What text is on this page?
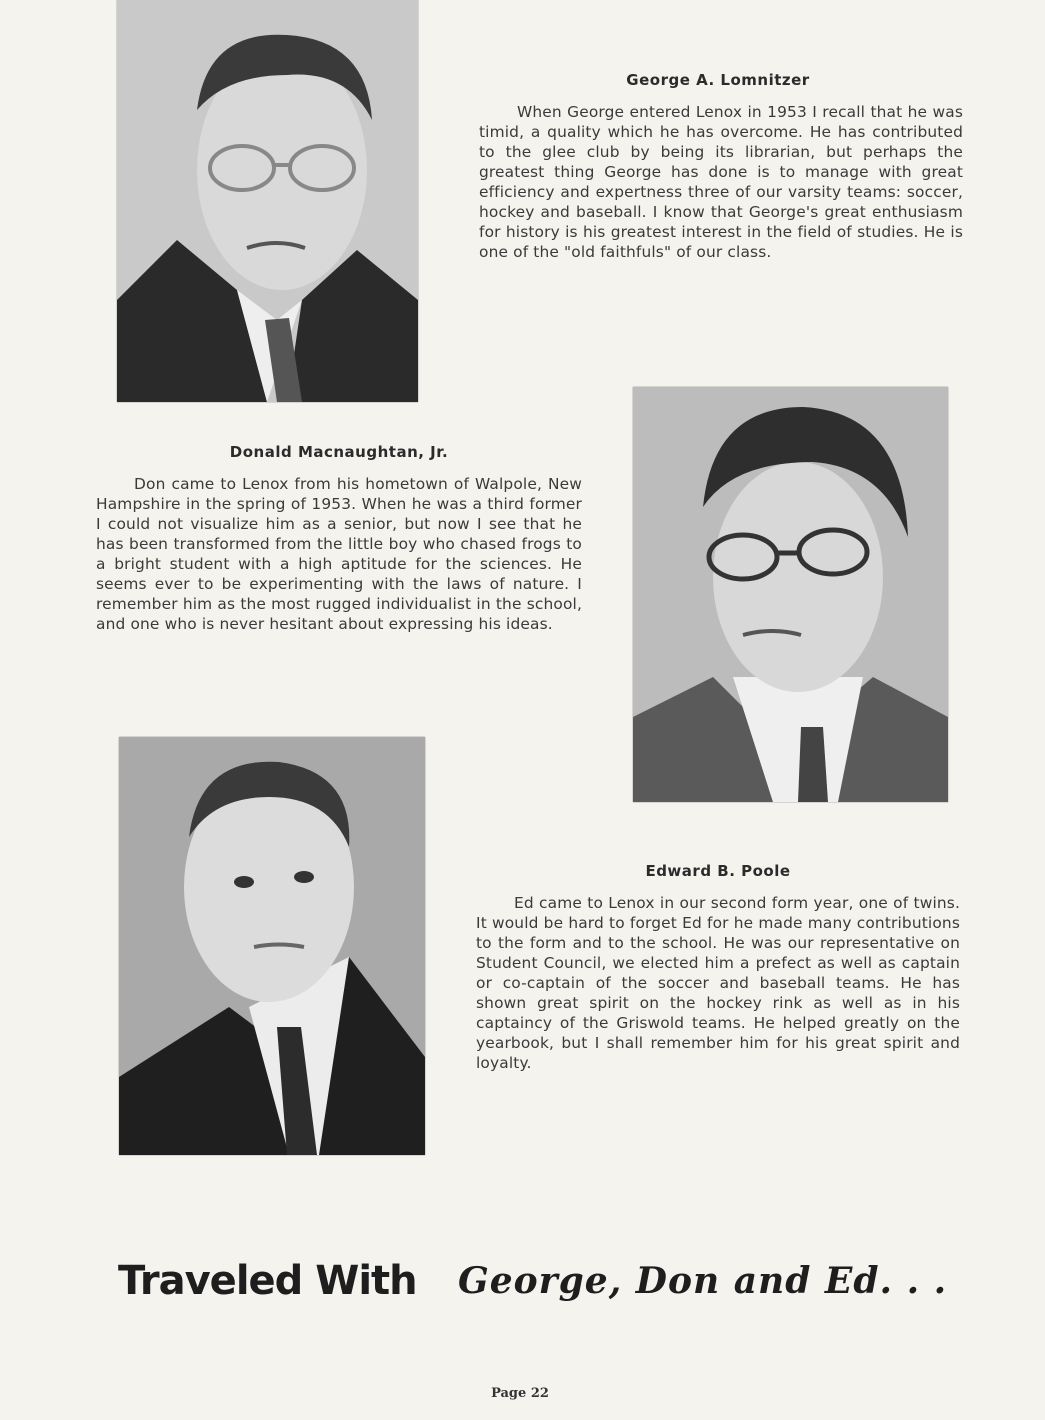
George A. Lomnitzer

When George entered Lenox in 1953 I recall that he was timid, a quality which he has overcome. He has contributed to the glee club by being its librarian, but perhaps the greatest thing George has done is to manage with great efficiency and expertness three of our varsity teams: soccer, hockey and baseball. I know that George's great enthusiasm for history is his greatest interest in the field of studies. He is one of the "old faithfuls" of our class.

Donald Macnaughtan, Jr.

Don came to Lenox from his hometown of Walpole, New Hampshire in the spring of 1953. When he was a third former I could not visualize him as a senior, but now I see that he has been transformed from the little boy who chased frogs to a bright student with a high aptitude for the sciences. He seems ever to be experimenting with the laws of nature. I remember him as the most rugged individualist in the school, and one who is never hesitant about expressing his ideas.

Edward B. Poole

Ed came to Lenox in our second form year, one of twins. It would be hard to forget Ed for he made many contributions to the form and to the school. He was our representative on Student Council, we elected him a prefect as well as captain or co-captain of the soccer and baseball teams. He has shown great spirit on the hockey rink as well as in his captaincy of the Griswold teams. He helped greatly on the yearbook, but I shall remember him for his great spirit and loyalty.

Traveled With George, Don and Ed. . .
Page 22
